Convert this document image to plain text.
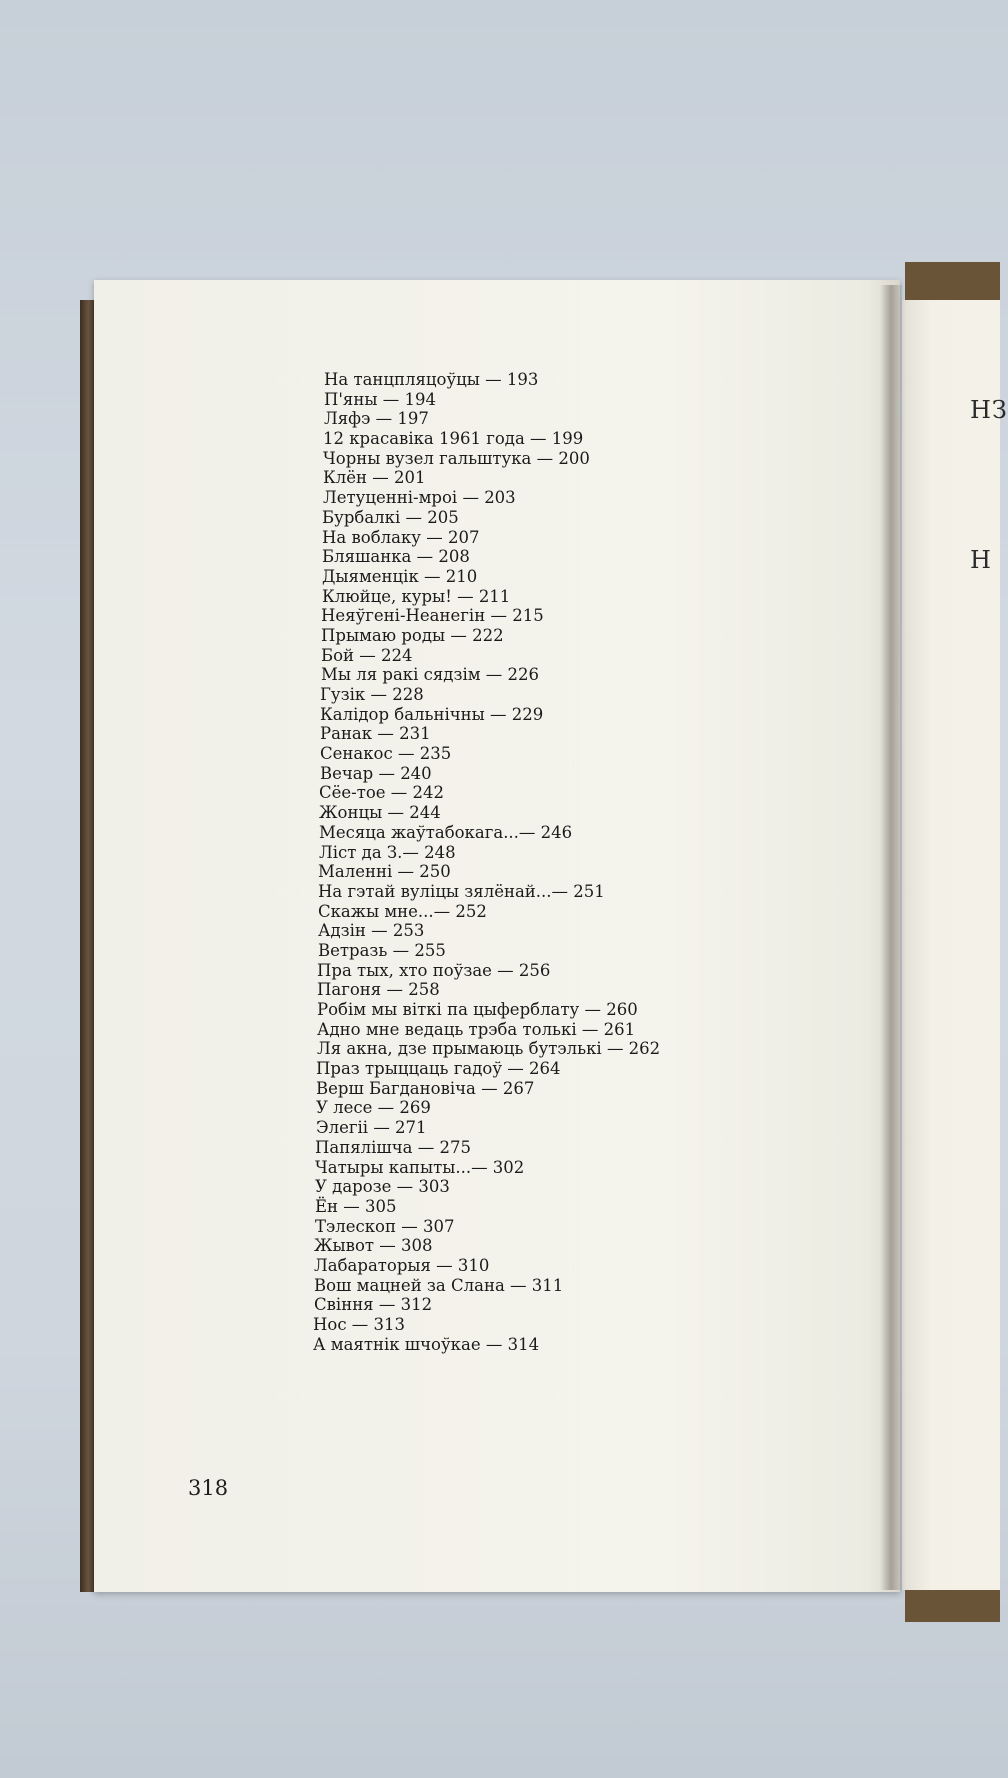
НЗ
Н
На танцпляцоўцы — 193
П'яны — 194
Ляфэ — 197
12 красавіка 1961 года — 199
Чорны вузел гальштука — 200
Клён — 201
Летуценні-мроі — 203
Бурбалкі — 205
На воблаку — 207
Бляшанка — 208
Дыяменцік — 210
Клюйце, куры! — 211
Неяўгені-Неанегін — 215
Прымаю роды — 222
Бой — 224
Мы ля ракі сядзім — 226
Гузік — 228
Калідор бальнічны — 229
Ранак — 231
Сенакос — 235
Вечар — 240
Сёе-тое — 242
Жонцы — 244
Месяца жаўтабокага...— 246
Ліст да З.— 248
Маленні — 250
На гэтай вуліцы зялёнай...— 251
Скажы мне...— 252
Адзін — 253
Ветразь — 255
Пра тых, хто поўзае — 256
Пагоня — 258
Робім мы віткі па цыферблату — 260
Адно мне ведаць трэба толькі — 261
Ля акна, дзе прымаюць бутэлькі — 262
Праз трыццаць гадоў — 264
Верш Багдановіча — 267
У лесе — 269
Элегіі — 271
Папялішча — 275
Чатыры капыты...— 302
У дарозе — 303
Ён — 305
Тэлескоп — 307
Жывот — 308
Лабараторыя — 310
Вош мацней за Слана — 311
Свіння — 312
Нос — 313
А маятнік шчоўкае — 314
318
